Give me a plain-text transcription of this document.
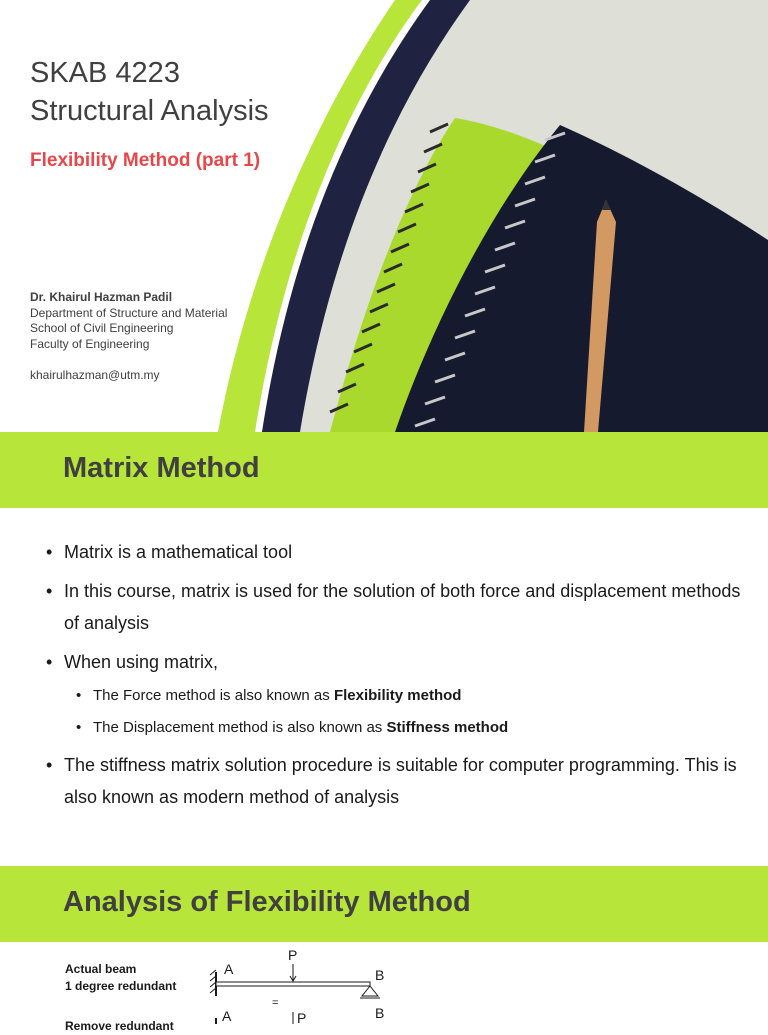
SKAB 4223
Structural Analysis
Flexibility Method (part 1)
Dr. Khairul Hazman Padil
Department of Structure and Material
School of Civil Engineering
Faculty of Engineering
khairulhazman@utm.my
Matrix Method
• Matrix is a mathematical tool
• In this course, matrix is used for the solution of both force and displacement methods of analysis
• When using matrix,
• The Force method is also known as Flexibility method
• The Displacement method is also known as Stiffness method
• The stiffness matrix solution procedure is suitable for computer programming. This is also known as modern method of analysis
Analysis of Flexibility Method
Actual beam
1 degree redundant
Remove redundant
A
P
B
=
A	P	B
